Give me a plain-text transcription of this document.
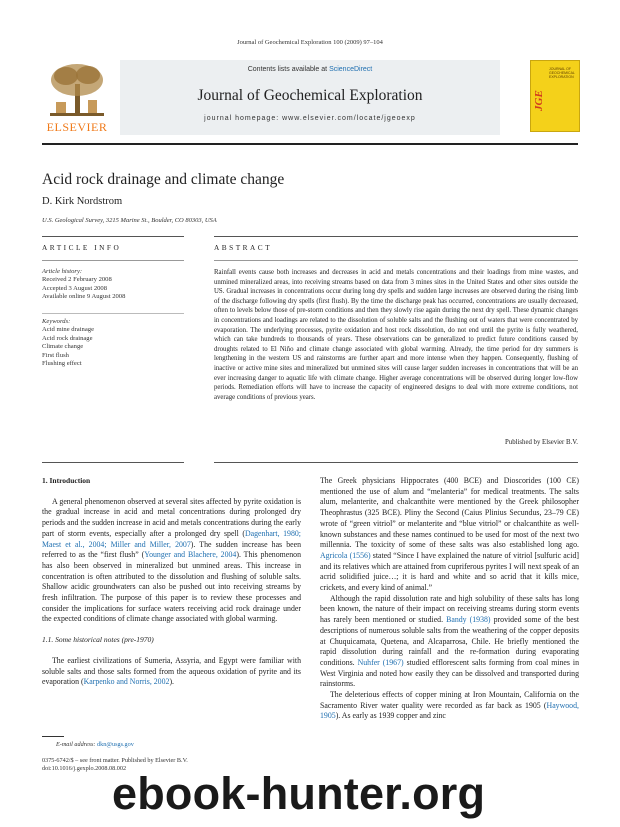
Journal of Geochemical Exploration 100 (2009) 97–104
ELSEVIER
Contents lists available at ScienceDirect
Journal of Geochemical Exploration
journal homepage: www.elsevier.com/locate/jgeoexp
JGE
JOURNAL OF GEOCHEMICAL EXPLORATION
Acid rock drainage and climate change
D. Kirk Nordstrom
U.S. Geological Survey, 3215 Marine St., Boulder, CO 80303, USA
ARTICLE INFO	ABSTRACT
Article history:
Received 2 February 2008
Accepted 3 August 2008
Available online 9 August 2008
Keywords:
Acid mine drainage
Acid rock drainage
Climate change
First flush
Flushing effect
Rainfall events cause both increases and decreases in acid and metals concentrations and their loadings from mine wastes, and unmined mineralized areas, into receiving streams based on data from 3 mines sites in the United States and other sites outside the US. Gradual increases in concentrations occur during long dry spells and sudden large increases are observed during the rising limb of the discharge following dry spells (first flush). By the time the discharge peak has occurred, concentrations are usually decreased, often to levels below those of pre-storm conditions and then they slowly rise again during the next dry spell. These dynamic changes in concentrations and loadings are related to the dissolution of soluble salts and the flushing out of waters that were concentrated by evaporation. The underlying processes, pyrite oxidation and host rock dissolution, do not end until the pyrite is fully weathered, which can take hundreds to thousands of years. These observations can be generalized to predict future conditions caused by droughts related to El Niño and climate change associated with global warming. Already, the time period for dry summers is lengthening in the western US and rainstorms are further apart and more intense when they happen. Consequently, flushing of inactive or active mine sites and mineralized but unmined sites will cause larger sudden increases in concentrations that will be an ever increasing danger to aquatic life with climate change. Higher average concentrations will be observed during longer low-flow periods. Remediation efforts will have to increase the capacity of engineered designs to deal with more extreme conditions, not average conditions of previous years.
Published by Elsevier B.V.
1. Introduction

A general phenomenon observed at several sites affected by pyrite oxidation is the gradual increase in acid and metal concentrations during prolonged dry periods and the sudden increase in acid and metals concentrations during the early part of storm events, especially after a prolonged dry spell (Dagenhart, 1980; Maest et al., 2004; Miller and Miller, 2007). The sudden increase has been referred to as the “first flush” (Younger and Blachere, 2004). This phenomenon has also been observed in mineralized but unmined areas. This increase in concentration is often attributed to the dissolution and flushing of soluble salts. Shallow acidic groundwaters can also be pushed out into receiving streams by fresh infiltration. The purpose of this paper is to review these processes and consider the implications for surface waters receiving acid rock drainage under the expected conditions of climate change associated with global warming.

1.1. Some historical notes (pre-1970)

The earliest civilizations of Sumeria, Assyria, and Egypt were familiar with soluble salts and those salts formed from the aqueous oxidation of pyrite and its evaporation (Karpenko and Norris, 2002).

E-mail address: dkn@usgs.gov
0375-6742/$ – see front matter. Published by Elsevier B.V.
doi:10.1016/j.gexplo.2008.08.002

The Greek physicians Hippocrates (400 BCE) and Dioscorides (100 CE) mentioned the use of alum and “melanteria” for medical treatments. The salts alum, melanterite, and chalcanthite were mentioned by the Greek philosopher Theophrastus (325 BCE). Pliny the Second (Caius Plinius Secundus, 23–79 CE) wrote of “green vitriol” or melanterite and “blue vitriol” or chalcanthite as well-known substances and these names continued to be used for most of the next two millennia. The toxicity of some of these salts was also established long ago. Agricola (1556) stated “Since I have explained the nature of vitriol [sulfuric acid] and its relatives which are attained from cupriferous pyrites I will next speak of an acrid solidified juice…; it is hard and white and so acrid that it kills mice, crickets, and every kind of animal.”

Although the rapid dissolution rate and high solubility of these salts has long been known, the nature of their impact on receiving streams during storm events has rarely been mentioned or studied. Bandy (1938) provided some of the best descriptions of numerous soluble salts from the weathering of the copper deposits at Chuquicamata, Quetena, and Alcaparrosa, Chile. He briefly mentioned the rapid dissolution during rainfall and the re-formation during evaporating conditions. Nuhfer (1967) studied efflorescent salts forming from coal mines in West Virginia and noted how easily they can be dissolved and transported during rainstorms.

The deleterious effects of copper mining at Iron Mountain, California on the Sacramento River water quality were recorded as far back as 1905 (Haywood, 1905). As early as 1939 copper and zinc

ebook-hunter.org
